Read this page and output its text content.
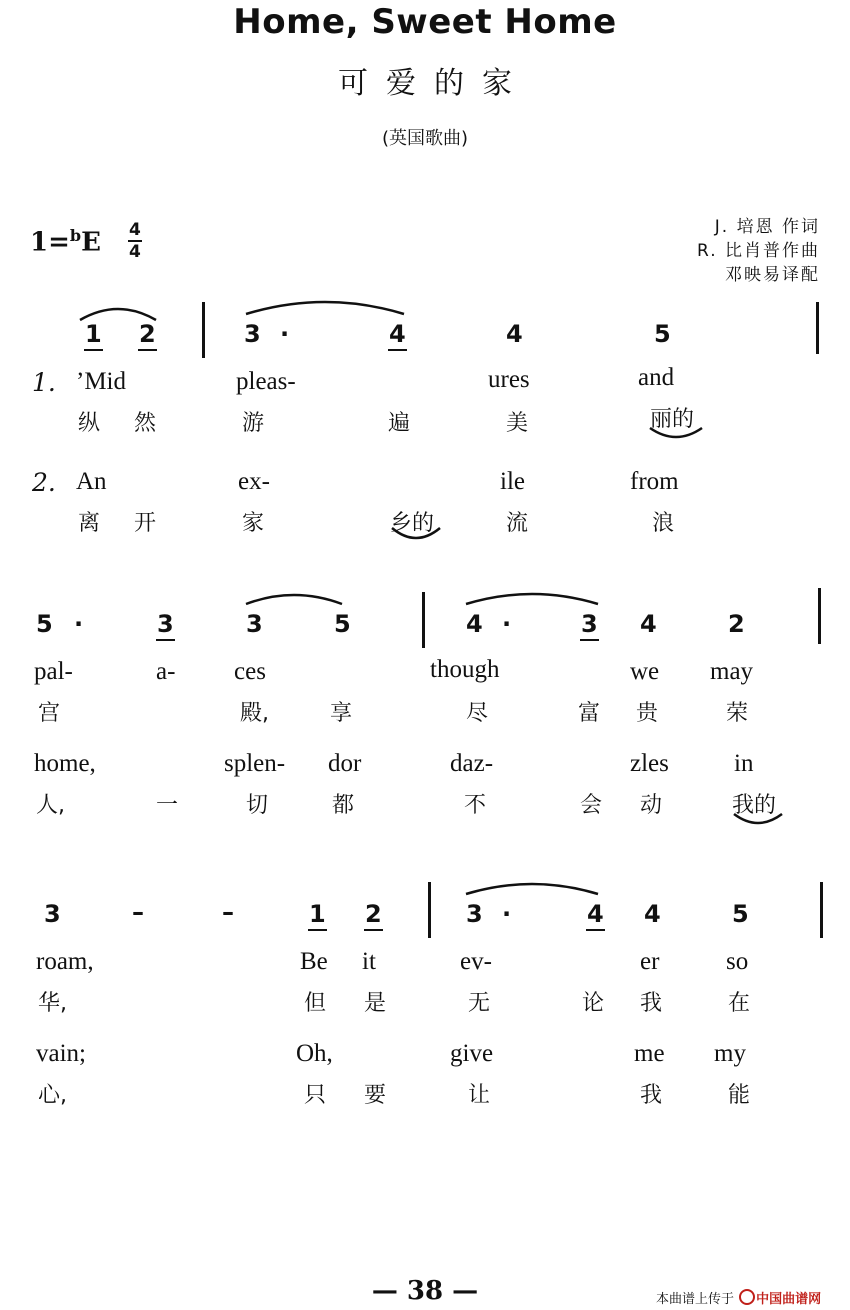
Home, Sweet Home
可爱的家
(英国歌曲)
1=$^b$E 4
4
J. 培恩 作词
R. 比肖普作曲
邓映易译配
1 2	3 ·	4	4	5
1. ’Mid	pleas-	ures	and
纵 然	游	遍	美	丽的
2. An	ex-	ile	from
离 开	家	乡的	流	浪
5 ·	3	3	5	4 ·	3 4	2
pal-	a- ces	though	we may
宫	殿,	享	尽	富 贵	荣
home,	splen- dor	daz-	zles	in
人,	一	切	都	不	会 动	我的
3	–	–	1 2	3 ·	4 4	5
roam,	Be it	ev-	er	so
华,	但 是	无	论 我	在
vain;	Oh,	give	me my
心,	只 要	让	我	能
— 38 —	本曲谱上传于 中国曲谱网
